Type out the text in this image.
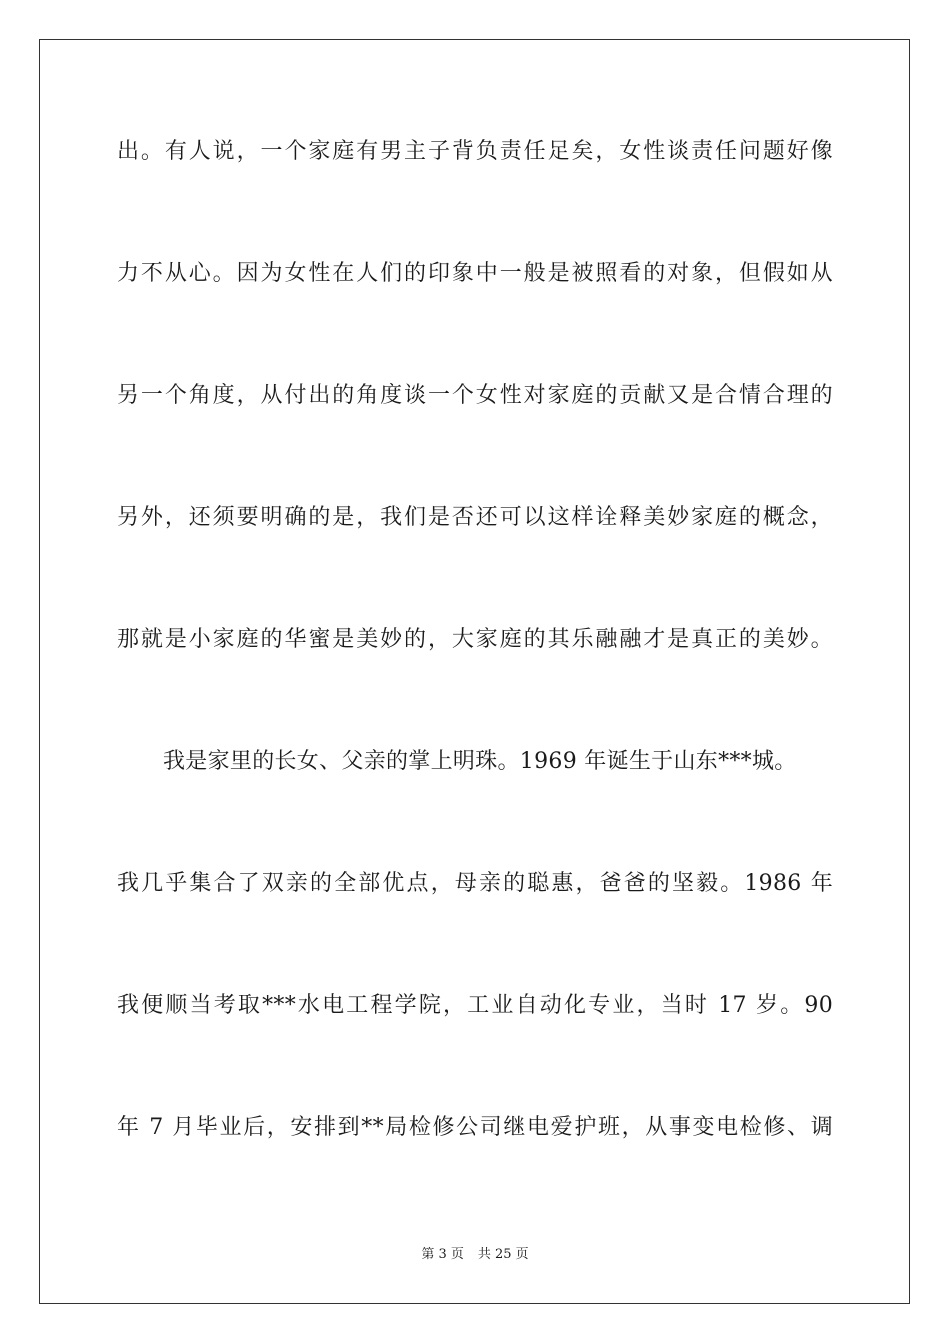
出。有人说，一个家庭有男主子背负责任足矣，女性谈责任问题好像
力不从心。因为女性在人们的印象中一般是被照看的对象，但假如从
另一个角度，从付出的角度谈一个女性对家庭的贡献又是合情合理的
另外，还须要明确的是，我们是否还可以这样诠释美妙家庭的概念，
那就是小家庭的华蜜是美妙的，大家庭的其乐融融才是真正的美妙。
我是家里的长女、父亲的掌上明珠。1969 年诞生于山东***城。
我几乎集合了双亲的全部优点，母亲的聪惠，爸爸的坚毅。1986 年
我便顺当考取***水电工程学院，工业自动化专业，当时 17 岁。90
年 7 月毕业后，安排到**局检修公司继电爱护班，从事变电检修、调
第 3 页 共 25 页
